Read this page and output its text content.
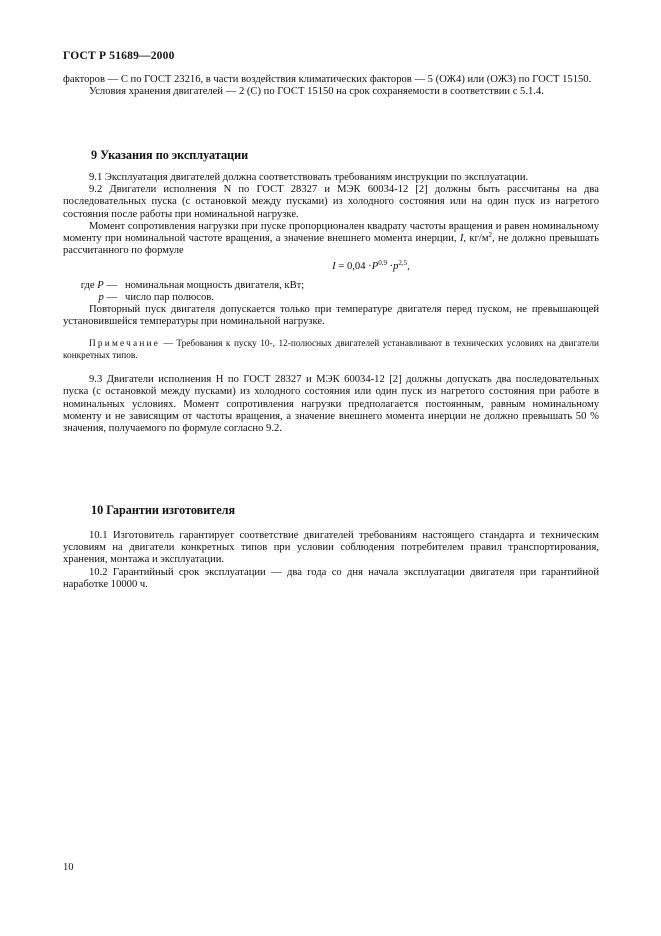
ГОСТ Р 51689—2000

факторов — С по ГОСТ 23216, в части воздействия климатических факторов — 5 (ОЖ4) или (ОЖ3) по ГОСТ 15150.

Условия хранения двигателей — 2 (С) по ГОСТ 15150 на срок сохраняемости в соответствии с 5.1.4.

9 Указания по эксплуатации

9.1 Эксплуатация двигателей должна соответствовать требованиям инструкции по эксплуатации.

9.2 Двигатели исполнения N по ГОСТ 28327 и МЭК 60034-12 [2] должны быть рассчитаны на два последовательных пуска (с остановкой между пусками) из холодного состояния или на один пуск из нагретого состояния после работы при номинальной нагрузке.

Момент сопротивления нагрузки при пуске пропорционален квадрату частоты вращения и равен номинальному моменту при номинальной частоте вращения, а значение внешнего момента инерции, I, $кг/м^2$, не должно превышать рассчитанного по формуле

$I = 0,04 \cdot P^{0,9} \cdot p^{2,5}$,
где P — номинальная мощность двигателя, кВт;
p — число пар полюсов.

Повторный пуск двигателя допускается только при температуре двигателя перед пуском, не превышающей установившейся температуры при номинальной нагрузке.

Примечание — Требования к пуску 10-, 12-полюсных двигателей устанавливают в технических условиях на двигатели конкретных типов.

9.3 Двигатели исполнения Н по ГОСТ 28327 и МЭК 60034-12 [2] должны допускать два последовательных пуска (с остановкой между пусками) из холодного состояния или один пуск из нагретого состояния при работе в номинальных условиях. Момент сопротивления нагрузки предполагается постоянным, равным номинальному моменту и не зависящим от частоты вращения, а значение внешнего момента инерции не должно превышать 50 % значения, получаемого по формуле согласно 9.2.

10 Гарантии изготовителя

10.1 Изготовитель гарантирует соответствие двигателей требованиям настоящего стандарта и техническим условиям на двигатели конкретных типов при условии соблюдения потребителем правил транспортирования, хранения, монтажа и эксплуатации.

10.2 Гарантийный срок эксплуатации — два года со дня начала эксплуатации двигателя при гарантийной наработке 10000 ч.

10
